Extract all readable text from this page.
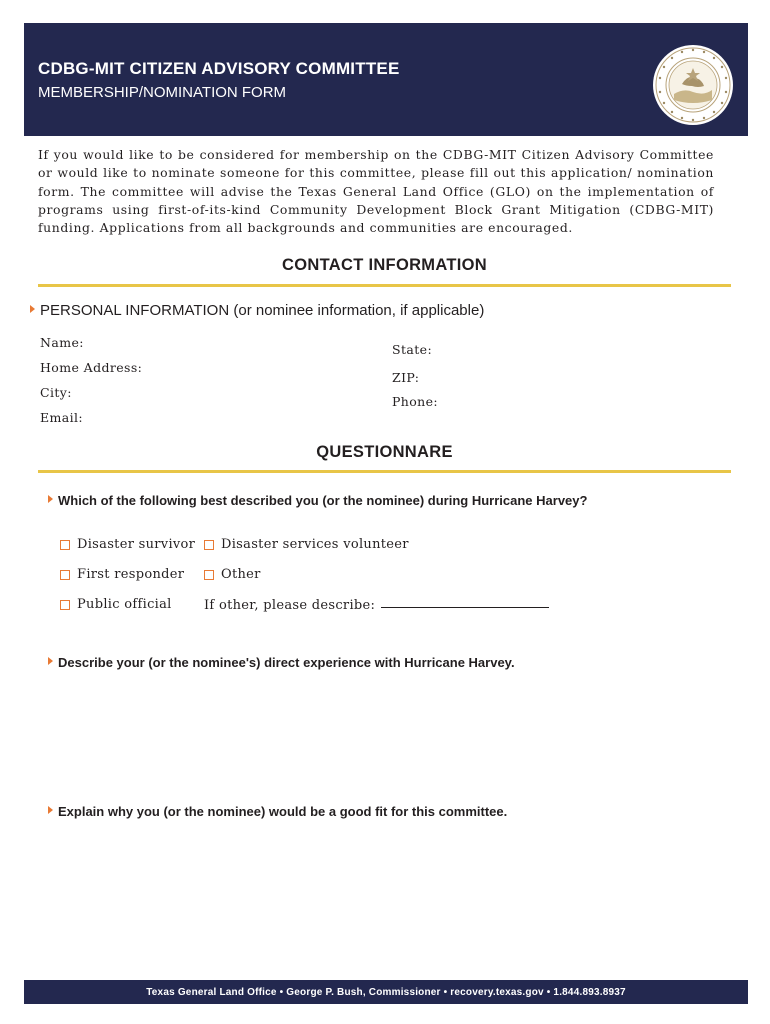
CDBG-MIT CITIZEN ADVISORY COMMITTEE
MEMBERSHIP/NOMINATION FORM
If you would like to be considered for membership on the CDBG-MIT Citizen Advisory Committee or would like to nominate someone for this committee, please fill out this application/ nomination form. The committee will advise the Texas General Land Office (GLO) on the implementation of programs using first-of-its-kind Community Development Block Grant Mitigation (CDBG-MIT) funding. Applications from all backgrounds and communities are encouraged.
CONTACT INFORMATION
PERSONAL INFORMATION (or nominee information, if applicable)
Name:
Home Address:
City:
Email:
State:
ZIP:
Phone:
QUESTIONNARE
Which of the following best described you (or the nominee) during Hurricane Harvey?
Disaster survivor Disaster services volunteer
First responder	Other
Public official If other, please describe:
Describe your (or the nominee's) direct experience with Hurricane Harvey.
Explain why you (or the nominee) would be a good fit for this committee.
Texas General Land Office • George P. Bush, Commissioner • recovery.texas.gov • 1.844.893.8937
